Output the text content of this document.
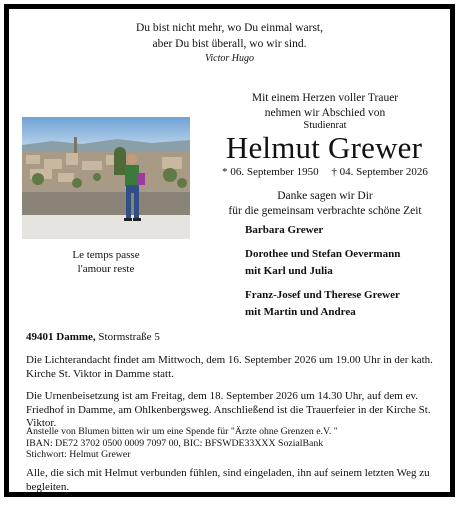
Du bist nicht mehr, wo Du einmal warst,
aber Du bist überall, wo wir sind.
Victor Hugo
Le temps passe
l'amour reste
Mit einem Herzen voller Trauer
nehmen wir Abschied von
Studienrat
Helmut Grewer
* 06. September 1950 † 04. September 2026
Danke sagen wir Dir
für die gemeinsam verbrachte schöne Zeit
Barbara Grewer
Dorothee und Stefan Oevermann
mit Karl und Julia
Franz-Josef und Therese Grewer
mit Martin und Andrea
49401 Damme, Stormstraße 5
Die Lichterandacht findet am Mittwoch, dem 16. September 2026 um 19.00 Uhr in der kath. Kirche St. Viktor in Damme statt.
Die Urnenbeisetzung ist am Freitag, dem 18. September 2026 um 14.30 Uhr, auf dem ev. Friedhof in Damme, am Ohlkenbergsweg. Anschließend ist die Trauerfeier in der Kirche St. Viktor.
Anstelle von Blumen bitten wir um eine Spende für "Ärzte ohne Grenzen e.V. "
IBAN: DE72 3702 0500 0009 7097 00, BIC: BFSWDE33XXX SozialBank
Stichwort: Helmut Grewer
Alle, die sich mit Helmut verbunden fühlen, sind eingeladen, ihn auf seinem letzten Weg zu begleiten.
